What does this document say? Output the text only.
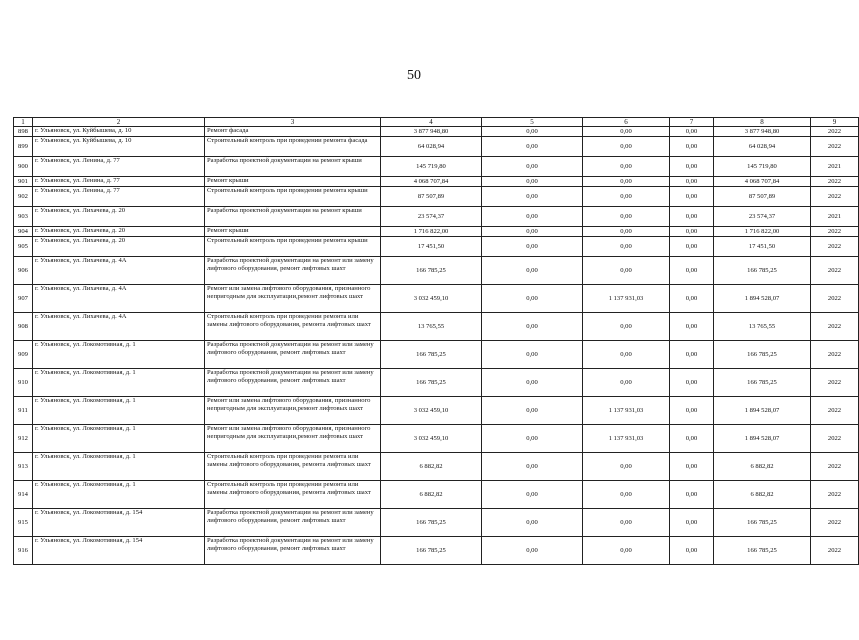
50
1	2	3	4	5	6	7	8	9
898	г. Ульяновск, ул. Куйбышева, д. 10	Ремонт фасада	3 877 948,80	0,00	0,00	0,00	3 877 948,80	2022
899	г. Ульяновск, ул. Куйбышева, д. 10	Строительный контроль при проведении ремонта фасада	64 028,94	0,00	0,00	0,00	64 028,94	2022
900	г. Ульяновск, ул. Ленина, д. 77	Разработка проектной документации на ремонт крыши	145 719,80	0,00	0,00	0,00	145 719,80	2021
901	г. Ульяновск, ул. Ленина, д. 77	Ремонт крыши	4 068 707,84	0,00	0,00	0,00	4 068 707,84	2022
902	г. Ульяновск, ул. Ленина, д. 77	Строительный контроль при проведении ремонта крыши	87 507,89	0,00	0,00	0,00	87 507,89	2022
903	г. Ульяновск, ул. Лихачева, д. 20	Разработка проектной документации на ремонт крыши	23 574,37	0,00	0,00	0,00	23 574,37	2021
904	г. Ульяновск, ул. Лихачева, д. 20	Ремонт крыши	1 716 822,00	0,00	0,00	0,00	1 716 822,00	2022
905	г. Ульяновск, ул. Лихачева, д. 20	Строительный контроль при проведении ремонта крыши	17 451,50	0,00	0,00	0,00	17 451,50	2022
906	г. Ульяновск, ул. Лихачева, д. 4А	Разработка проектной документации на ремонт или замену лифтового оборудования, ремонт лифтовых шахт	166 785,25	0,00	0,00	0,00	166 785,25	2022
907	г. Ульяновск, ул. Лихачева, д. 4А	Ремонт или замена лифтового оборудования, признанного непригодным для эксплуатации,ремонт лифтовых шахт	3 032 459,10	0,00	1 137 931,03	0,00	1 894 528,07	2022
908	г. Ульяновск, ул. Лихачева, д. 4А	Строительный контроль при проведении ремонта или замены лифтового оборудования, ремонта лифтовых шахт	13 765,55	0,00	0,00	0,00	13 765,55	2022
909	г. Ульяновск, ул. Локомотивная, д. 1	Разработка проектной документации на ремонт или замену лифтового оборудования, ремонт лифтовых шахт	166 785,25	0,00	0,00	0,00	166 785,25	2022
910	г. Ульяновск, ул. Локомотивная, д. 1	Разработка проектной документации на ремонт или замену лифтового оборудования, ремонт лифтовых шахт	166 785,25	0,00	0,00	0,00	166 785,25	2022
911	г. Ульяновск, ул. Локомотивная, д. 1	Ремонт или замена лифтового оборудования, признанного непригодным для эксплуатации,ремонт лифтовых шахт	3 032 459,10	0,00	1 137 931,03	0,00	1 894 528,07	2022
912	г. Ульяновск, ул. Локомотивная, д. 1	Ремонт или замена лифтового оборудования, признанного непригодным для эксплуатации,ремонт лифтовых шахт	3 032 459,10	0,00	1 137 931,03	0,00	1 894 528,07	2022
913	г. Ульяновск, ул. Локомотивная, д. 1	Строительный контроль при проведении ремонта или замены лифтового оборудования, ремонта лифтовых шахт	6 882,82	0,00	0,00	0,00	6 882,82	2022
914	г. Ульяновск, ул. Локомотивная, д. 1	Строительный контроль при проведении ремонта или замены лифтового оборудования, ремонта лифтовых шахт	6 882,82	0,00	0,00	0,00	6 882,82	2022
915	г. Ульяновск, ул. Локомотивная, д. 154	Разработка проектной документации на ремонт или замену лифтового оборудования, ремонт лифтовых шахт	166 785,25	0,00	0,00	0,00	166 785,25	2022
916	г. Ульяновск, ул. Локомотивная, д. 154	Разработка проектной документации на ремонт или замену лифтового оборудования, ремонт лифтовых шахт	166 785,25	0,00	0,00	0,00	166 785,25	2022
